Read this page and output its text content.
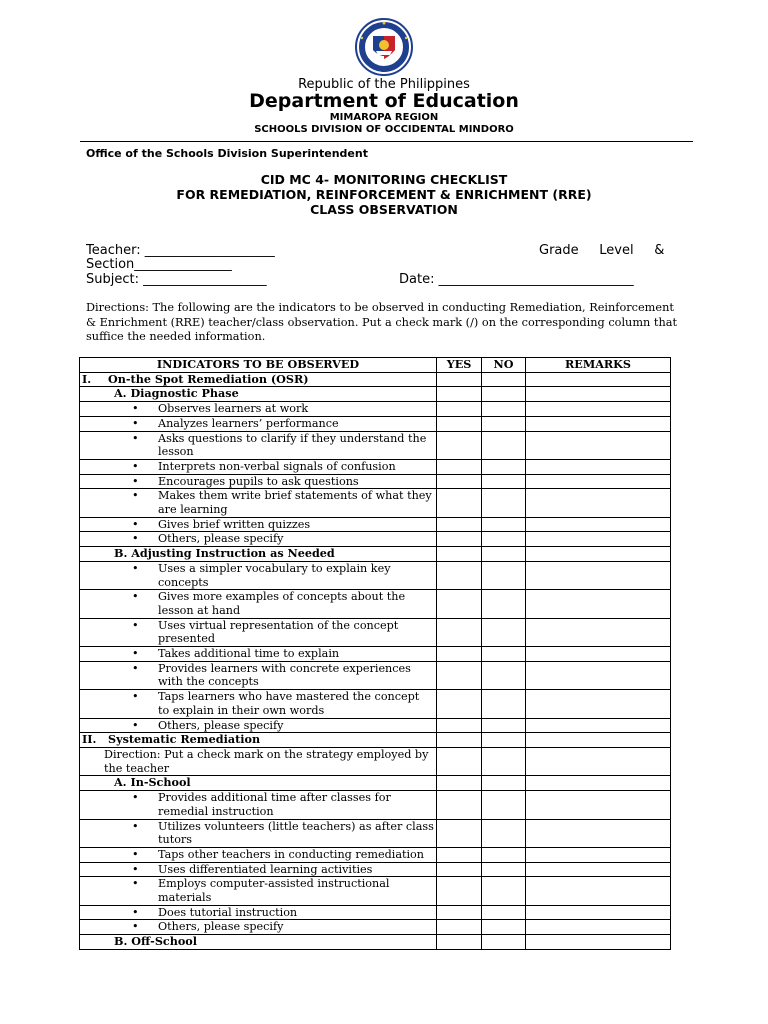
Republic of the Philippines
Department of Education
MIMAROPA REGION
SCHOOLS DIVISION OF OCCIDENTAL MINDORO
Office of the Schools Division Superintendent
CID MC 4- MONITORING CHECKLIST
FOR REMEDIATION, REINFORCEMENT & ENRICHMENT (RRE)
CLASS OBSERVATION
Teacher: ____________________	Grade     Level     &
Section_______________
Subject: ___________________	Date: ______________________________
Directions: The following are the indicators to be observed in conducting Remediation, Reinforcement & Enrichment (RRE) teacher/class observation. Put a check mark (/) on the corresponding column that suffice the needed information.
INDICATORS TO BE OBSERVED	YES	NO	REMARKS
I. On-the Spot Remediation (OSR)			
A. Diagnostic Phase			

• Observes learners at work			

• Analyzes learners’ performance			

• Asks questions to clarify if they understand the lesson			

• Interprets non-verbal signals of confusion			

• Encourages pupils to ask questions			

• Makes them write brief statements of what they are learning			

• Gives brief written quizzes			

• Others, please specify			
B. Adjusting Instruction as Needed			

• Uses a simpler vocabulary to explain key concepts			

• Gives more examples of concepts about the lesson at hand			

• Uses virtual representation of the concept presented			

• Takes additional time to explain			

• Provides learners with concrete experiences with the concepts			

• Taps learners who have mastered the concept to explain in their own words			

• Others, please specify			
II. Systematic Remediation			
Direction: Put a check mark on the strategy employed by the teacher			
A. In-School			

• Provides additional time after classes for remedial instruction			

• Utilizes volunteers (little teachers) as after class tutors			

• Taps other teachers in conducting remediation			

• Uses differentiated learning activities			

• Employs computer-assisted instructional materials			

• Does tutorial instruction			

• Others, please specify			
B. Off-School			
